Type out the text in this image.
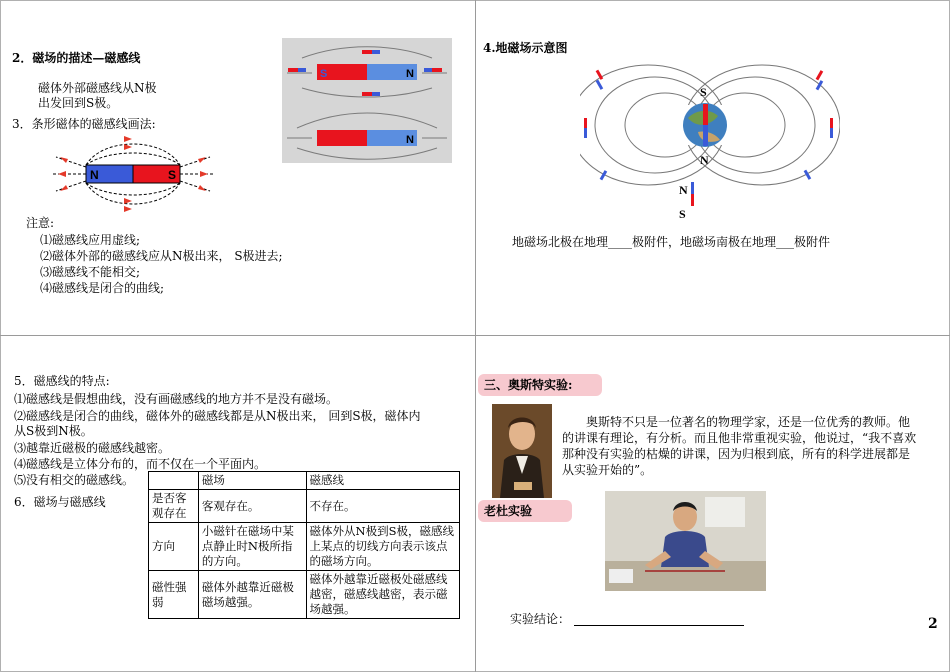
2．磁场的描述—磁感线
磁体外部磁感线从N极
出发回到S极。
3．条形磁体的磁感线画法:
N	S
S	N
N
注意:
⑴磁感线应用虚线;
⑵磁体外部的磁感线应从N极出来， S极进去;
⑶磁感线不能相交;
⑷磁感线是闭合的曲线;
4.地磁场示意图
S
N
N
S
地磁场北极在地理____极附件，地磁场南极在地理___极附件
5．磁感线的特点:
⑴磁感线是假想曲线，没有画磁感线的地方并不是没有磁场。
⑵磁感线是闭合的曲线，磁体外的磁感线都是从N极出来， 回到S极，磁体内
从S极到N极。
⑶越靠近磁极的磁感线越密。
⑷磁感线是立体分布的，而不仅在一个平面内。
⑸没有相交的磁感线。
6．磁场与磁感线
	磁场	磁感线
是否客观存在	客观存在。	不存在。
方向	小磁针在磁场中某点静止时N极所指的方向。	磁体外从N极到S极，磁感线上某点的切线方向表示该点的磁场方向。
磁性强弱	磁体外越靠近磁极磁场越强。	磁体外越靠近磁极处磁感线越密，磁感线越密，表示磁场越强。
三、奥斯特实验:
奥斯特不只是一位著名的物理学家，还是一位优秀的教师。他的讲课有理论，有分析。而且他非常重视实验，他说过，“我不喜欢那种没有实验的枯燥的讲课，因为归根到底，所有的科学进展都是从实验开始的”。
老杜实验
实验结论：	2
